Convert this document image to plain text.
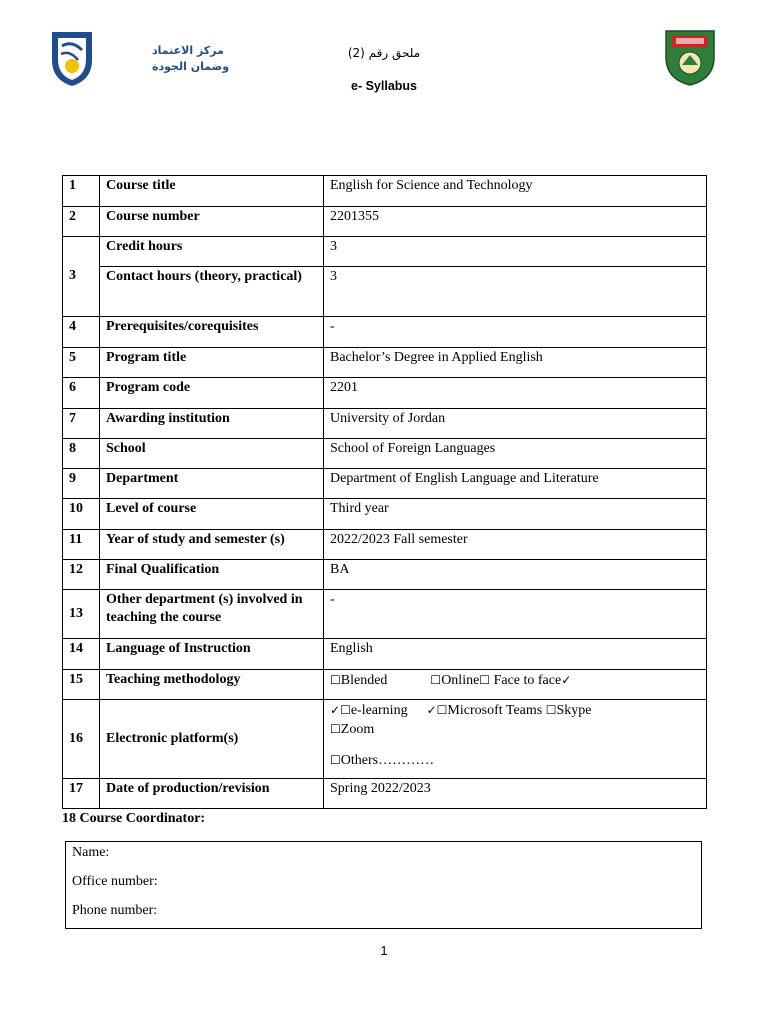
مركز الاعتماد
وضمان الجودة
ملحق رقم (2)
e- Syllabus
1	Course title	English for Science and Technology
2	Course number	2201355
3	Credit hours	3
	Contact hours (theory, practical)	3
4	Prerequisites/corequisites	-
5	Program title	Bachelor’s Degree in Applied English
6	Program code	2201
7	Awarding institution	University of Jordan
8	School	School of Foreign Languages
9	Department	Department of English Language and Literature
10	Level of course	Third year
11	Year of study and semester (s)	2022/2023 Fall semester
12	Final Qualification	BA
13	Other department (s) involved in teaching the course	-
14	Language of Instruction	English
15	Teaching methodology	☐Blended ☐Online☐ Face to face✓
16	Electronic platform(s)	✓☐e-learning ✓☐Microsoft Teams ☐Skype
☐Zoom
☐Others…………

17	Date of production/revision	Spring 2022/2023
18 Course Coordinator:
Name:
Office number:
Phone number:
1
